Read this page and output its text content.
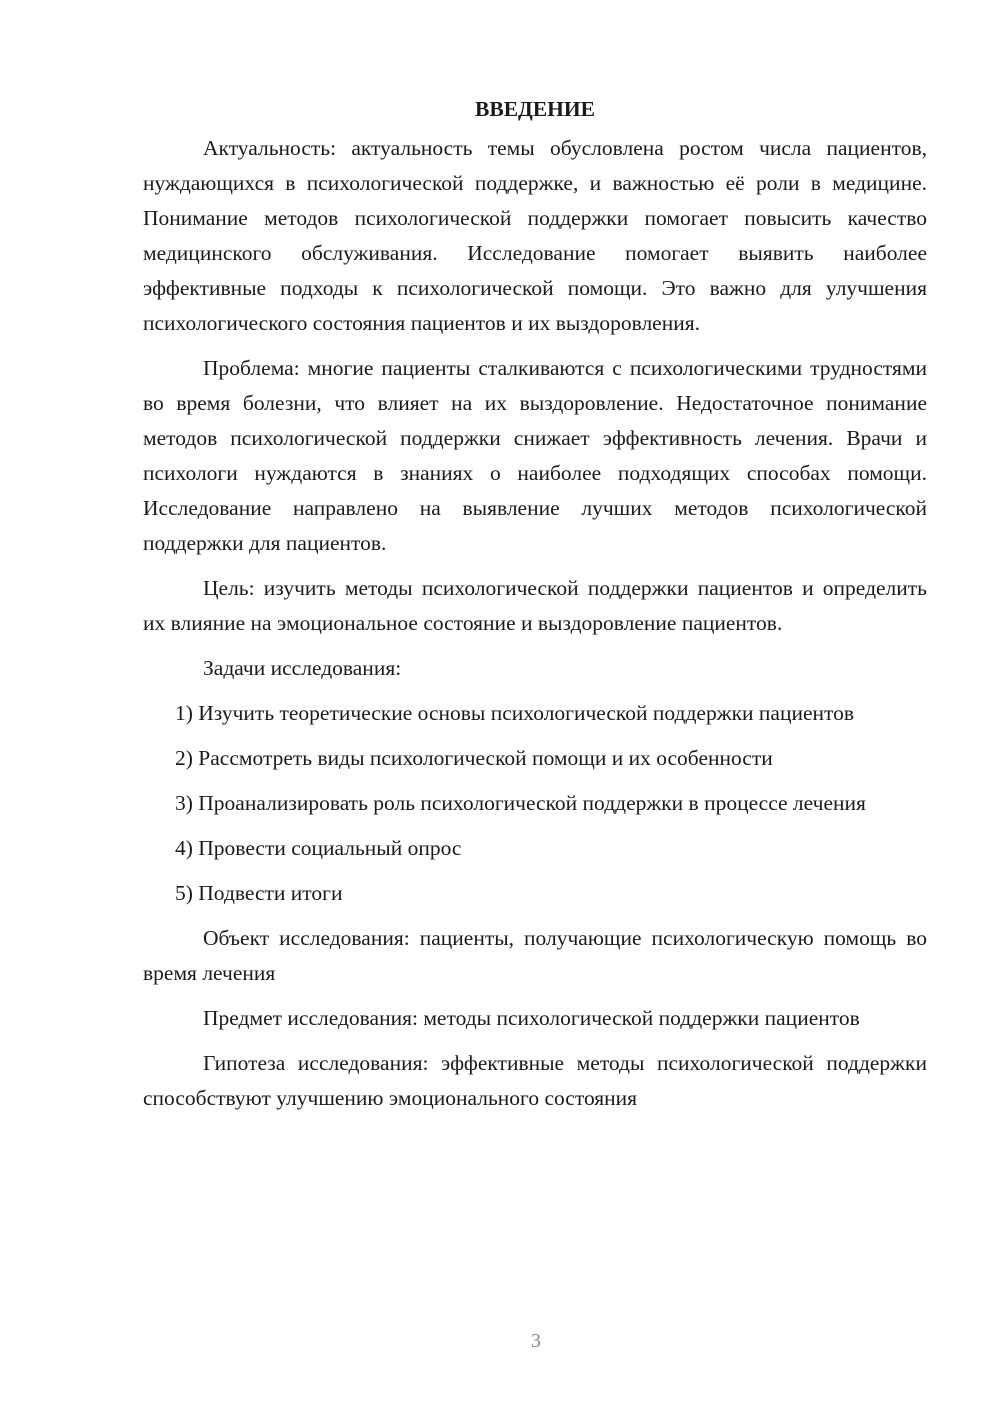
ВВЕДЕНИЕ

Актуальность: актуальность темы обусловлена ростом числа пациентов, нуждающихся в психологической поддержке, и важностью её роли в медицине. Понимание методов психологической поддержки помогает повысить качество медицинского обслуживания. Исследование помогает выявить наиболее эффективные подходы к психологической помощи. Это важно для улучшения психологического состояния пациентов и их выздоровления.

Проблема: многие пациенты сталкиваются с психологическими трудностями во время болезни, что влияет на их выздоровление. Недостаточное понимание методов психологической поддержки снижает эффективность лечения. Врачи и психологи нуждаются в знаниях о наиболее подходящих способах помощи. Исследование направлено на выявление лучших методов психологической поддержки для пациентов.

Цель: изучить методы психологической поддержки пациентов и определить их влияние на эмоциональное состояние и выздоровление пациентов.

Задачи исследования:

1) Изучить теоретические основы психологической поддержки пациентов

2) Рассмотреть виды психологической помощи и их особенности

3) Проанализировать роль психологической поддержки в процессе лечения

4) Провести социальный опрос

5) Подвести итоги

Объект исследования: пациенты, получающие психологическую помощь во время лечения

Предмет исследования: методы психологической поддержки пациентов

Гипотеза исследования: эффективные методы психологической поддержки способствуют улучшению эмоционального состояния

3
